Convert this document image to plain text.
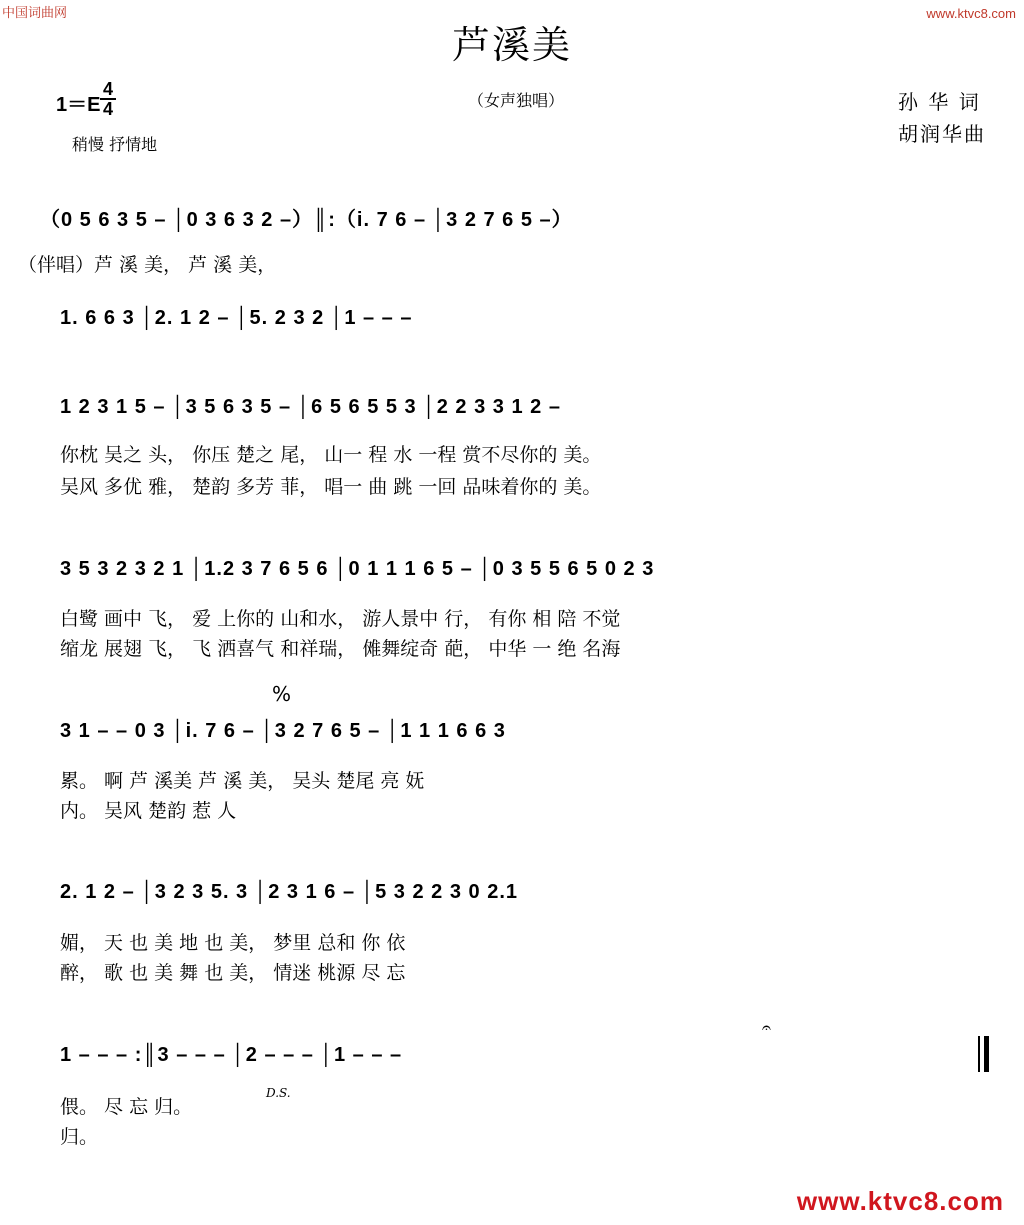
中国词曲网	www.ktvc8.com
芦溪美
1＝E
4
4	（女声独唱）	孙 华 词
胡润华曲
稍慢 抒情地
（0 5 6 3 5 – │0 3 6 3 2 –）║:（i. 7 6 – │3 2 7 6 5 –）
（伴唱）芦 溪 美， 芦 溪 美，
1. 6 6 3 │2. 1 2 – │5. 2 3 2 │1 – – –
1 2 3 1 5 – │3 5 6 3 5 – │6 5 6 5 5 3 │2 2 3 3 1 2 –
你枕 吴之 头， 你压 楚之 尾， 山一 程 水 一程 赏不尽你的 美。
吴风 多优 雅， 楚韵 多芳 菲， 唱一 曲 跳 一回 品味着你的 美。
3 5 3 2 3 2 1 │1.2 3 7 6 5 6 │0 1 1 1 6 5 – │0 3 5 5 6 5 0 2 3
白鹭 画中 飞， 爱 上你的 山和水， 游人景中 行， 有你 相 陪 不觉
缩龙 展翅 飞， 飞 洒喜气 和祥瑞， 傩舞绽奇 葩， 中华 一 绝 名海
%
3 1 – – 0 3 │i. 7 6 – │3 2 7 6 5 – │1 1 1 6 6 3
累。 啊 芦 溪美 芦 溪 美， 吴头 楚尾 亮 妩
内。 吴风 楚韵 惹 人
2. 1 2 – │3 2 3 5. 3 │2 3 1 6 – │5 3 2 2 3 0 2.1
媚， 天 也 美 地 也 美， 梦里 总和 你 依
醉， 歌 也 美 舞 也 美， 情迷 桃源 尽 忘
1 – – – :║3 – – – │2 – – – │1 – – –
D.S.
偎。 尽 忘 归。
归。
𝄐
www.ktvc8.com
